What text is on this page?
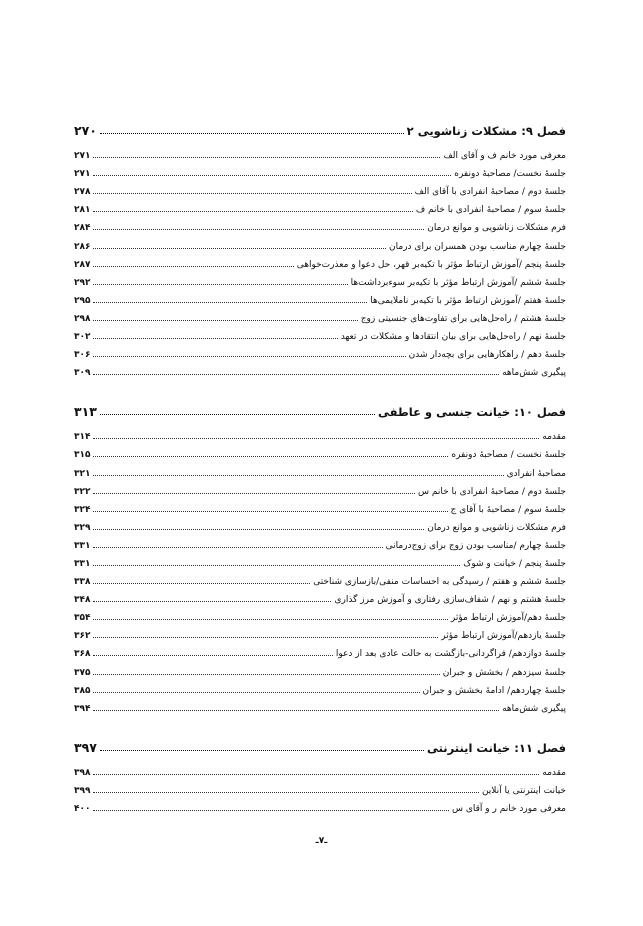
فصل ۹: مشکلات زناشویی ۲
۲۷۰
معرفی مورد خانم ف و آقای الف
۲۷۱
جلسهٔ نخست/ مصاحبهٔ دونفره
۲۷۱
جلسهٔ دوم / مصاحبهٔ انفرادی با آقای الف
۲۷۸
جلسهٔ سوم / مصاحبهٔ انفرادی با خانم ف
۲۸۱
فرم مشکلات زناشویی و موانع درمان
۲۸۴
جلسهٔ چهارم مناسب بودن همسران برای درمان
۲۸۶
جلسهٔ پنجم /آموزش ارتباط مؤثر با تکیه‌بر قهر، حل دعوا و معذرت‌خواهی
۲۸۷
جلسهٔ ششم /آموزش ارتباط مؤثر با تکیه‌بر سوءبرداشت‌ها
۲۹۲
جلسهٔ هفتم /آموزش ارتباط مؤثر با تکیه‌بر ناملایمی‌ها
۲۹۵
جلسهٔ هشتم / راه‌حل‌هایی برای تفاوت‌های جنسیتی زوج
۲۹۸
جلسهٔ نهم / راه‌حل‌هایی برای بیان انتقادها و مشکلات در تعهد
۳۰۲
جلسهٔ دهم / راهکارهایی برای بچه‌دار شدن
۳۰۶
پیگیری شش‌ماهه
۳۰۹
فصل ۱۰: خیانت جنسی و عاطفی
۳۱۳
مقدمه
۳۱۴
جلسهٔ نخست / مصاحبهٔ دونفره
۳۱۵
مصاحبهٔ انفرادی
۳۲۱
جلسهٔ دوم / مصاحبهٔ انفرادی با خانم س
۳۲۲
جلسهٔ سوم / مصاحبهٔ با آقای ج
۳۲۴
فرم مشکلات زناشویی و موانع درمان
۳۲۹
جلسهٔ چهارم /مناسب بودن زوج برای زوج‌درمانی
۳۳۱
جلسهٔ پنجم / خیانت و شوک
۳۳۱
جلسهٔ ششم و هفتم / رسیدگی به احساسات منفی/بازسازی شناختی
۳۳۸
جلسهٔ هشتم و نهم / شفاف‌سازی رفتاری و آموزش مرز گذاری
۳۴۸
جلسهٔ دهم/آموزش ارتباط مؤثر
۳۵۴
جلسهٔ یازدهم/آموزش ارتباط مؤثر
۳۶۲
جلسهٔ دوازدهم/ فراگردانی-بازگشت به حالت عادی بعد از دعوا
۳۶۸
جلسهٔ سیزدهم / بخشش و جبران
۳۷۵
جلسهٔ چهاردهم/ ادامهٔ بخشش و جبران
۳۸۵
پیگیری شش‌ماهه
۳۹۴
فصل ۱۱: خیانت اینترنتی
۳۹۷
مقدمه
۳۹۸
خیانت اینترنتی یا آنلاین
۳۹۹
معرفی مورد خانم ر و آقای س
۴۰۰
ـ۷ـ
